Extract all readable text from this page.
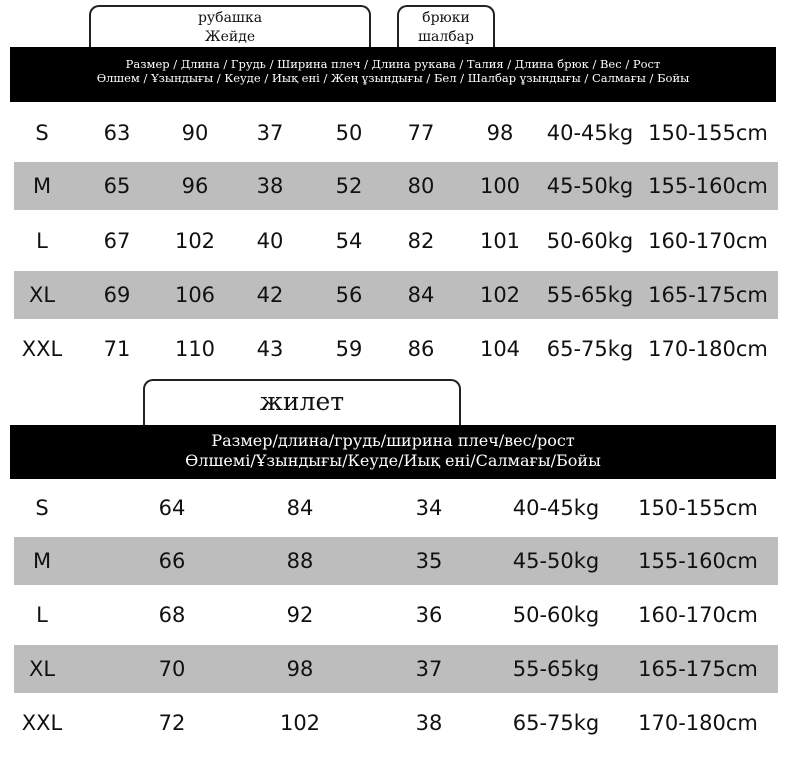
рубашка
Жейде
брюки
шалбар
Размер / Длина / Грудь / Ширина плеч / Длина рукава / Талия / Длина брюк / Вес / Рост
Өлшем / Ұзындығы / Кеуде / Иық ені / Жең ұзындығы / Бел / Шалбар ұзындығы / Салмағы / Бойы
S	63	90	37	50	77	98	40-45kg 150-155cm
M	65	96	38	52	80	100	45-50kg 155-160cm
L	67	102	40	54	82	101	50-60kg 160-170cm
XL	69	106	42	56	84	102	55-65kg 165-175cm
XXL	71	110	43	59	86	104	65-75kg 170-180cm
жилет
Размер/длина/грудь/ширина плеч/вес/рост
Өлшемі/Ұзындығы/Кеуде/Иық ені/Салмағы/Бойы
S	64	84	34	40-45kg	150-155cm
M	66	88	35	45-50kg	155-160cm
L	68	92	36	50-60kg	160-170cm
XL	70	98	37	55-65kg	165-175cm
XXL	72	102	38	65-75kg	170-180cm
